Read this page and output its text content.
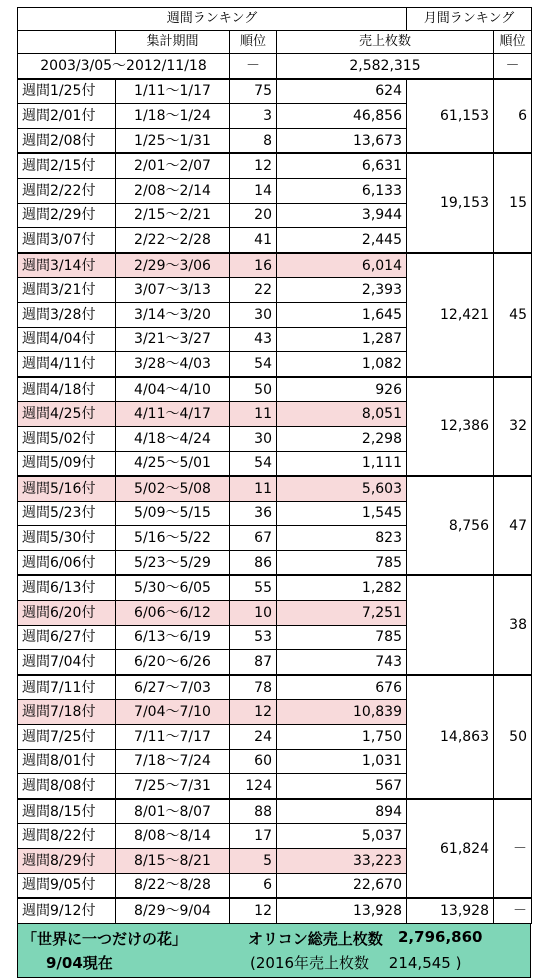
週間ランキング				月間ランキング	
	集計期間	順位	売上枚数		順位
2003/3/05～2012/11/18		－	2,582,315		－
週間1/25付	1/11～1/17	75	624	61,153	6
週間2/01付	1/18～1/24	3	46,856		
週間2/08付	1/25～1/31	8	13,673		
週間2/15付	2/01～2/07	12	6,631	19,153	15
週間2/22付	2/08～2/14	14	6,133		
週間2/29付	2/15～2/21	20	3,944		
週間3/07付	2/22～2/28	41	2,445		
週間3/14付	2/29～3/06	16	6,014	12,421	45
週間3/21付	3/07～3/13	22	2,393		
週間3/28付	3/14～3/20	30	1,645		
週間4/04付	3/21～3/27	43	1,287		
週間4/11付	3/28～4/03	54	1,082		
週間4/18付	4/04～4/10	50	926	12,386	32
週間4/25付	4/11～4/17	11	8,051		
週間5/02付	4/18～4/24	30	2,298		
週間5/09付	4/25～5/01	54	1,111		
週間5/16付	5/02～5/08	11	5,603	8,756	47
週間5/23付	5/09～5/15	36	1,545		
週間5/30付	5/16～5/22	67	823		
週間6/06付	5/23～5/29	86	785		
週間6/13付	5/30～6/05	55	1,282		38
週間6/20付	6/06～6/12	10	7,251		
週間6/27付	6/13～6/19	53	785		
週間7/04付	6/20～6/26	87	743		
週間7/11付	6/27～7/03	78	676	14,863	50
週間7/18付	7/04～7/10	12	10,839		
週間7/25付	7/11～7/17	24	1,750		
週間8/01付	7/18～7/24	60	1,031		
週間8/08付	7/25～7/31	124	567		
週間8/15付	8/01～8/07	88	894	61,824	－
週間8/22付	8/08～8/14	17	5,037		
週間8/29付	8/15～8/21	5	33,223		
週間9/05付	8/22～8/28	6	22,670		
週間9/12付	8/29～9/04	12	13,928	13,928	－
「世界に一つだけの花」	オリコン総売上枚数 2,796,860
9/04現在	(2016年売上枚数　 214,545 )
